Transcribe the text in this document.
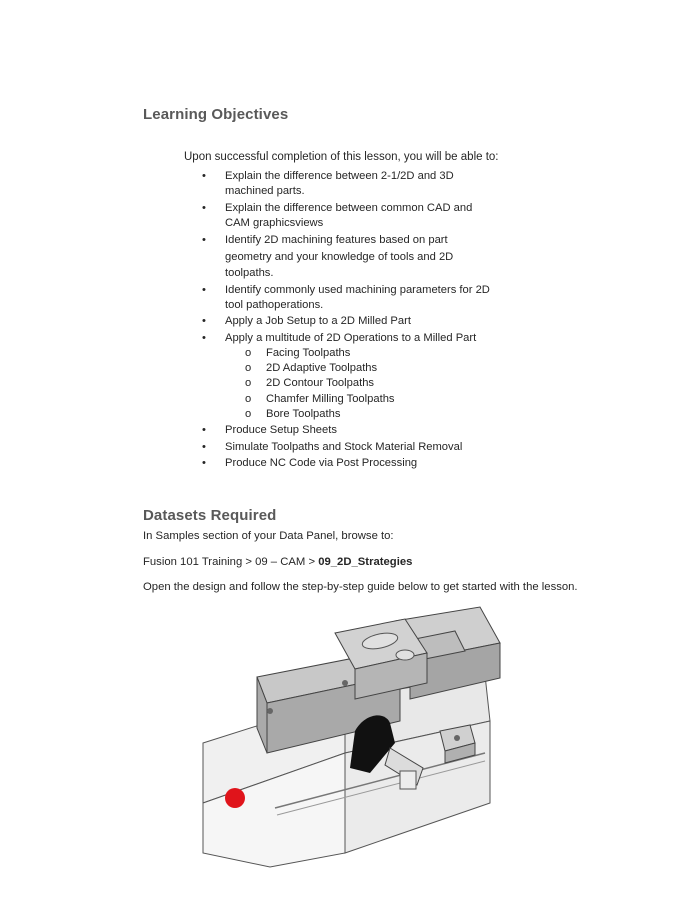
Learning Objectives
Upon successful completion of this lesson, you will be able to:
• Explain the difference between 2-1/2D and 3D
machined parts.
• Explain the difference between common CAD and
CAM graphicsviews
• Identify 2D machining features based on part
geometry and your knowledge of tools and 2D
toolpaths.
• Identify commonly used machining parameters for 2D
tool pathoperations.
• Apply a Job Setup to a 2D Milled Part
• Apply a multitude of 2D Operations to a Milled Part
o Facing Toolpaths
o 2D Adaptive Toolpaths
o 2D Contour Toolpaths
o Chamfer Milling Toolpaths
o Bore Toolpaths
• Produce Setup Sheets
• Simulate Toolpaths and Stock Material Removal
• Produce NC Code via Post Processing
Datasets Required
In Samples section of your Data Panel, browse to:
Fusion 101 Training > 09 – CAM > 09_2D_Strategies
Open the design and follow the step-by-step guide below to get started with the lesson.
